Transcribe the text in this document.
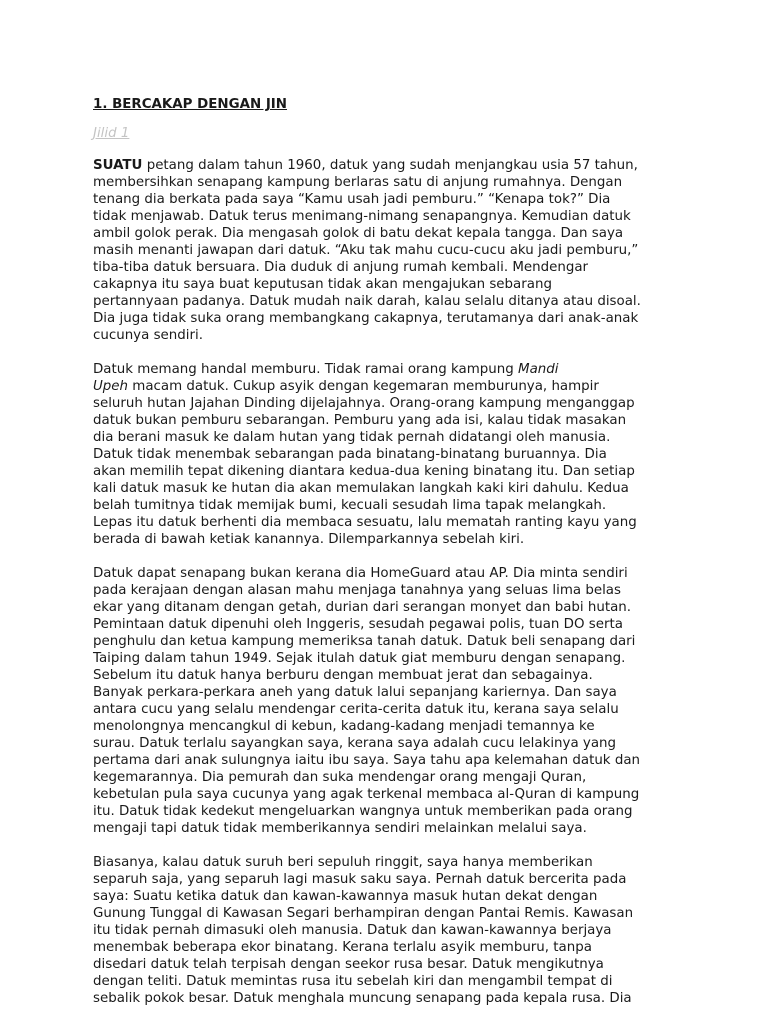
1. BERCAKAP DENGAN JIN

Jilid 1

SUATU petang dalam tahun 1960, datuk yang sudah menjangkau usia 57 tahun,
membersihkan senapang kampung berlaras satu di anjung rumahnya. Dengan
tenang dia berkata pada saya “Kamu usah jadi pemburu.” “Kenapa tok?” Dia
tidak menjawab. Datuk terus menimang-nimang senapangnya. Kemudian datuk
ambil golok perak. Dia mengasah golok di batu dekat kepala tangga. Dan saya
masih menanti jawapan dari datuk. “Aku tak mahu cucu-cucu aku jadi pemburu,”
tiba-tiba datuk bersuara. Dia duduk di anjung rumah kembali. Mendengar
cakapnya itu saya buat keputusan tidak akan mengajukan sebarang
pertannyaan padanya. Datuk mudah naik darah, kalau selalu ditanya atau disoal.
Dia juga tidak suka orang membangkang cakapnya, terutamanya dari anak-anak
cucunya sendiri.

Datuk memang handal memburu. Tidak ramai orang kampung Mandi
Upeh macam datuk. Cukup asyik dengan kegemaran memburunya, hampir
seluruh hutan Jajahan Dinding dijelajahnya. Orang-orang kampung menganggap
datuk bukan pemburu sebarangan. Pemburu yang ada isi, kalau tidak masakan
dia berani masuk ke dalam hutan yang tidak pernah didatangi oleh manusia.
Datuk tidak menembak sebarangan pada binatang-binatang buruannya. Dia
akan memilih tepat dikening diantara kedua-dua kening binatang itu. Dan setiap
kali datuk masuk ke hutan dia akan memulakan langkah kaki kiri dahulu. Kedua
belah tumitnya tidak memijak bumi, kecuali sesudah lima tapak melangkah.
Lepas itu datuk berhenti dia membaca sesuatu, lalu mematah ranting kayu yang
berada di bawah ketiak kanannya. Dilemparkannya sebelah kiri.

Datuk dapat senapang bukan kerana dia HomeGuard atau AP. Dia minta sendiri
pada kerajaan dengan alasan mahu menjaga tanahnya yang seluas lima belas
ekar yang ditanam dengan getah, durian dari serangan monyet dan babi hutan.
Pemintaan datuk dipenuhi oleh Inggeris, sesudah pegawai polis, tuan DO serta
penghulu dan ketua kampung memeriksa tanah datuk. Datuk beli senapang dari
Taiping dalam tahun 1949. Sejak itulah datuk giat memburu dengan senapang.
Sebelum itu datuk hanya berburu dengan membuat jerat dan sebagainya.
Banyak perkara-perkara aneh yang datuk lalui sepanjang kariernya. Dan saya
antara cucu yang selalu mendengar cerita-cerita datuk itu, kerana saya selalu
menolongnya mencangkul di kebun, kadang-kadang menjadi temannya ke
surau. Datuk terlalu sayangkan saya, kerana saya adalah cucu lelakinya yang
pertama dari anak sulungnya iaitu ibu saya. Saya tahu apa kelemahan datuk dan
kegemarannya. Dia pemurah dan suka mendengar orang mengaji Quran,
kebetulan pula saya cucunya yang agak terkenal membaca al-Quran di kampung
itu. Datuk tidak kedekut mengeluarkan wangnya untuk memberikan pada orang
mengaji tapi datuk tidak memberikannya sendiri melainkan melalui saya.

Biasanya, kalau datuk suruh beri sepuluh ringgit, saya hanya memberikan
separuh saja, yang separuh lagi masuk saku saya. Pernah datuk bercerita pada
saya: Suatu ketika datuk dan kawan-kawannya masuk hutan dekat dengan
Gunung Tunggal di Kawasan Segari berhampiran dengan Pantai Remis. Kawasan
itu tidak pernah dimasuki oleh manusia. Datuk dan kawan-kawannya berjaya
menembak beberapa ekor binatang. Kerana terlalu asyik memburu, tanpa
disedari datuk telah terpisah dengan seekor rusa besar. Datuk mengikutnya
dengan teliti. Datuk memintas rusa itu sebelah kiri dan mengambil tempat di
sebalik pokok besar. Datuk menghala muncung senapang pada kepala rusa. Dia
